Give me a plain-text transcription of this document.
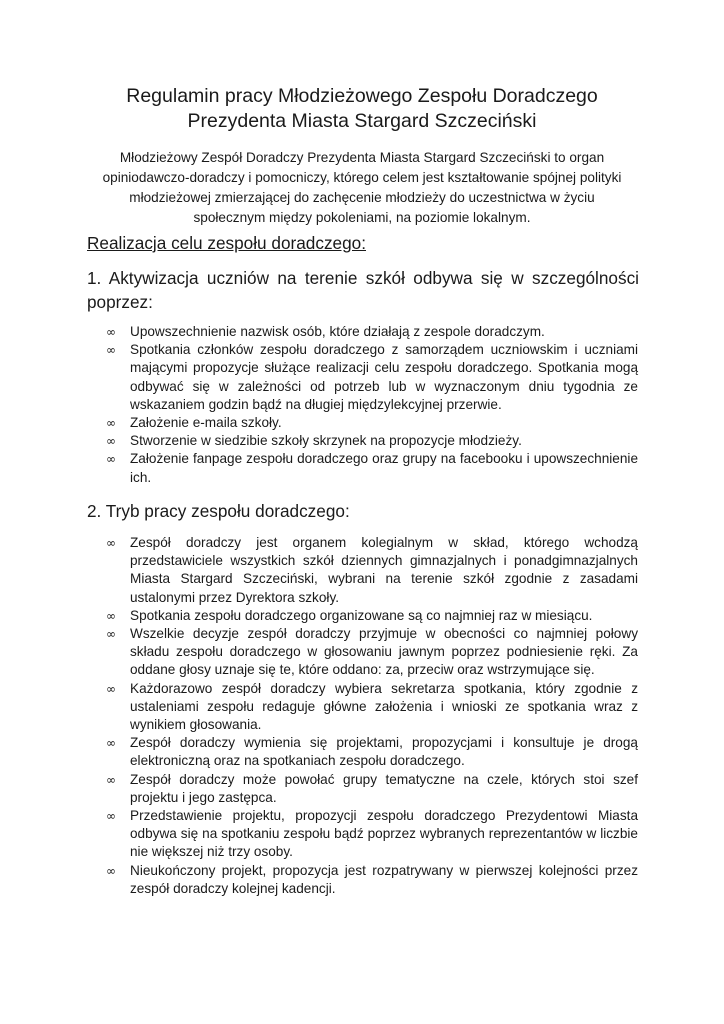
Regulamin pracy Młodzieżowego Zespołu Doradczego
Prezydenta Miasta Stargard Szczeciński

Młodzieżowy Zespół Doradczy Prezydenta Miasta Stargard Szczeciński to organ opiniodawczo-doradczy i pomocniczy, którego celem jest kształtowanie spójnej polityki młodzieżowej zmierzającej do zachęcenie młodzieży do uczestnictwa w życiu społecznym między pokoleniami, na poziomie lokalnym.

Realizacja celu zespołu doradczego:
1. Aktywizacja uczniów na terenie szkół odbywa się w szczególności poprzez:
∞	Upowszechnienie nazwisk osób, które działają z zespole doradczym.
∞	Spotkania członków zespołu doradczego z samorządem uczniowskim i uczniami mającymi propozycje służące realizacji celu zespołu doradczego. Spotkania mogą odbywać się w zależności od potrzeb lub w wyznaczonym dniu tygodnia ze wskazaniem godzin bądź na długiej międzylekcyjnej przerwie.
∞	Założenie e-maila szkoły.
∞	Stworzenie w siedzibie szkoły skrzynek na propozycje młodzieży.
∞	Założenie fanpage zespołu doradczego oraz grupy na facebooku i upowszechnienie ich.
2. Tryb pracy zespołu doradczego:
∞	Zespół doradczy jest organem kolegialnym w skład, którego wchodzą przedstawiciele wszystkich szkół dziennych gimnazjalnych i ponadgimnazjalnych Miasta Stargard Szczeciński, wybrani na terenie szkół zgodnie z zasadami ustalonymi przez Dyrektora szkoły.
∞	Spotkania zespołu doradczego organizowane są co najmniej raz w miesiącu.
∞	Wszelkie decyzje zespół doradczy przyjmuje w obecności co najmniej połowy składu zespołu doradczego w głosowaniu jawnym poprzez podniesienie ręki. Za oddane głosy uznaje się te, które oddano: za, przeciw oraz wstrzymujące się.
∞	Każdorazowo zespół doradczy wybiera sekretarza spotkania, który zgodnie z ustaleniami zespołu redaguje główne założenia i wnioski ze spotkania wraz z wynikiem głosowania.
∞	Zespół doradczy wymienia się projektami, propozycjami i konsultuje je drogą elektroniczną oraz na spotkaniach zespołu doradczego.
∞	Zespół doradczy może powołać grupy tematyczne na czele, których stoi szef projektu i jego zastępca.
∞	Przedstawienie projektu, propozycji zespołu doradczego Prezydentowi Miasta odbywa się na spotkaniu zespołu bądź poprzez wybranych reprezentantów w liczbie nie większej niż trzy osoby.
∞	Nieukończony projekt, propozycja jest rozpatrywany w pierwszej kolejności przez zespół doradczy kolejnej kadencji.
